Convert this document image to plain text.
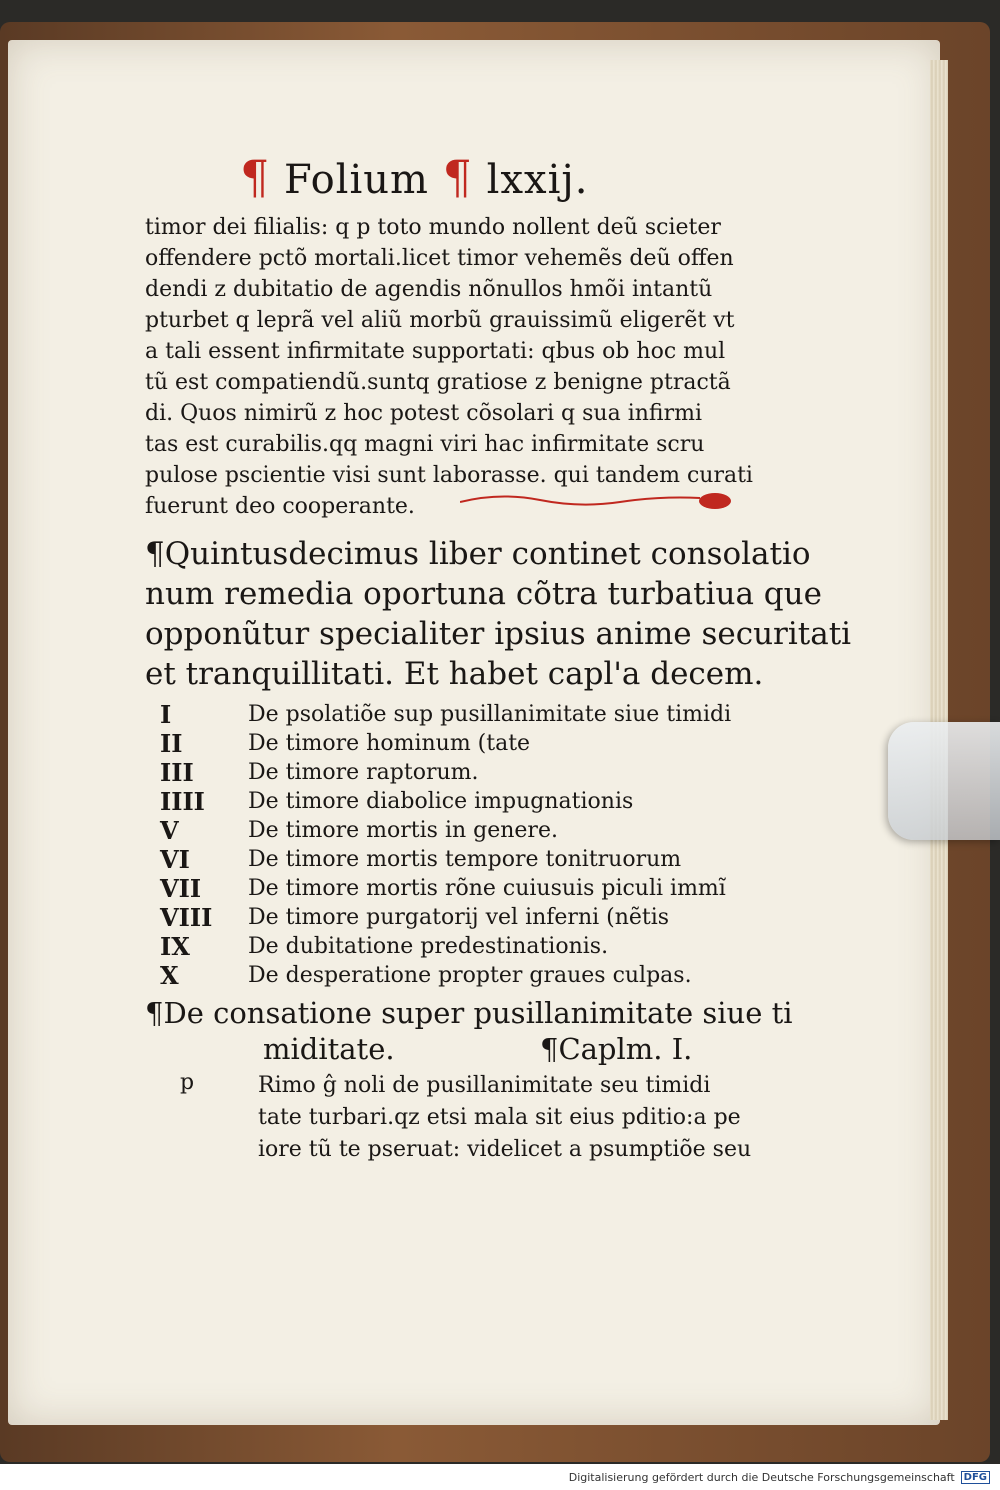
¶ Folium ¶ lxxij.
timor dei filialis: q p toto mundo nollent deũ scieter
offendere pctõ mortali.licet timor vehemẽs deũ offen
dendi z dubitatio de agendis nõnullos hmõi intantũ
pturbet q leprã vel aliũ morbũ grauissimũ eligerẽt vt
a tali essent infirmitate supportati: qbus ob hoc mul
tũ est compatiendũ.suntq gratiose z benigne ptractã
di. Quos nimirũ z hoc potest cõsolari q sua infirmi
tas est curabilis.qq magni viri hac infirmitate scru
pulose pscientie visi sunt laborasse. qui tandem curati
fuerunt deo cooperante.
¶Quintusdecimus liber continet consolatio
num remedia oportuna cõtra turbatiua que
opponũtur specialiter ipsius anime securitati
et tranquillitati. Et habet capl'a decem.
I	De psolatiõe sup pusillanimitate siue timidi
II	De timore hominum (tate
III	De timore raptorum.
IIII	De timore diabolice impugnationis
V	De timore mortis in genere.
VI	De timore mortis tempore tonitruorum
VII	De timore mortis rõne cuiusuis piculi immĩ
VIII	De timore purgatorij vel inferni (nẽtis
IX	De dubitatione predestinationis.
X	De desperatione propter graues culpas.
¶De consatione super pusillanimitate siue ti
miditate.	¶Caplm. I.
p	Rimo ĝ noli de pusillanimitate seu timidi
tate turbari.qz etsi mala sit eius pditio:a pe
iore tũ te pseruat: videlicet a psumptiõe seu
Digitalisierung gefördert durch die Deutsche Forschungsgemeinschaft DFG
